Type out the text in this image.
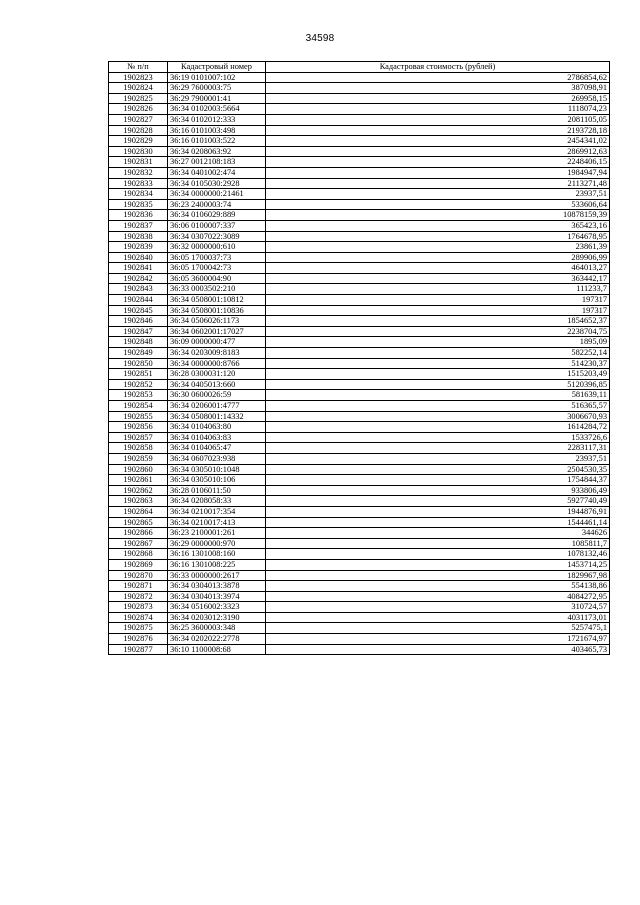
34598
№ п/п	Кадастровый номер	Кадастровая стоимость (рублей)
1902823	36:19 0101007:102	2786854,62
1902824	36:29 7600003:75	387098,91
1902825	36:29 7900001:41	269958,15
1902826	36:34 0102003:5664	1118074,23
1902827	36:34 0102012:333	2081105,05
1902828	36:16 0101003:498	2193728,18
1902829	36:16 0101003:522	2454341,02
1902830	36:34 0208063:92	2869912,63
1902831	36:27 0012108:183	2248406,15
1902832	36:34 0401002:474	1984947,94
1902833	36:34 0105030:2928	2113271,48
1902834	36:34 0000000:21461	23937,51
1902835	36:23 2400003:74	533606,64
1902836	36:34 0106029:889	10878159,39
1902837	36:06 0100007:337	365423,16
1902838	36:34 0307022:3089	1764678,95
1902839	36:32 0000000:610	23861,39
1902840	36:05 1700037:73	289906,99
1902841	36:05 1700042:73	464013,27
1902842	36:05 3600004:90	363442,17
1902843	36:33 0003502:210	111233,7
1902844	36:34 0508001:10812	197317
1902845	36:34 0508001:10836	197317
1902846	36:34 0506026:1173	1854652,37
1902847	36:34 0602001:17027	2238704,75
1902848	36:09 0000000:477	1895,09
1902849	36:34 0203009:8183	582252,14
1902850	36:34 0000000:8766	514230,37
1902851	36:28 0300031:120	1515203,49
1902852	36:34 0405013:660	5120396,85
1902853	36:30 0600026:59	581639,11
1902854	36:34 0206001:4777	516365,57
1902855	36:34 0508001:14332	3006670,93
1902856	36:34 0104063:80	1614284,72
1902857	36:34 0104063:83	1533726,6
1902858	36:34 0104065:47	2283117,31
1902859	36:34 0607023:938	23937,51
1902860	36:34 0305010:1048	2504530,35
1902861	36:34 0305010:106	1754844,37
1902862	36:28 0106011:50	933806,49
1902863	36:34 0208058:33	5927740,49
1902864	36:34 0210017:354	1944876,91
1902865	36:34 0210017:413	1544461,14
1902866	36:23 2100001:261	344626
1902867	36:29 0000000:970	1085811,7
1902868	36:16 1301008:160	1078132,46
1902869	36:16 1301008:225	1453714,25
1902870	36:33 0000000:2617	1829967,98
1902871	36:34 0304013:3878	554138,86
1902872	36:34 0304013:3974	4084272,95
1902873	36:34 0516002:3323	310724,57
1902874	36:34 0203012:3190	4031173,01
1902875	36:25 3600003:348	5257475,1
1902876	36:34 0202022:2778	1721674,97
1902877	36:10 1100008:68	403465,73
